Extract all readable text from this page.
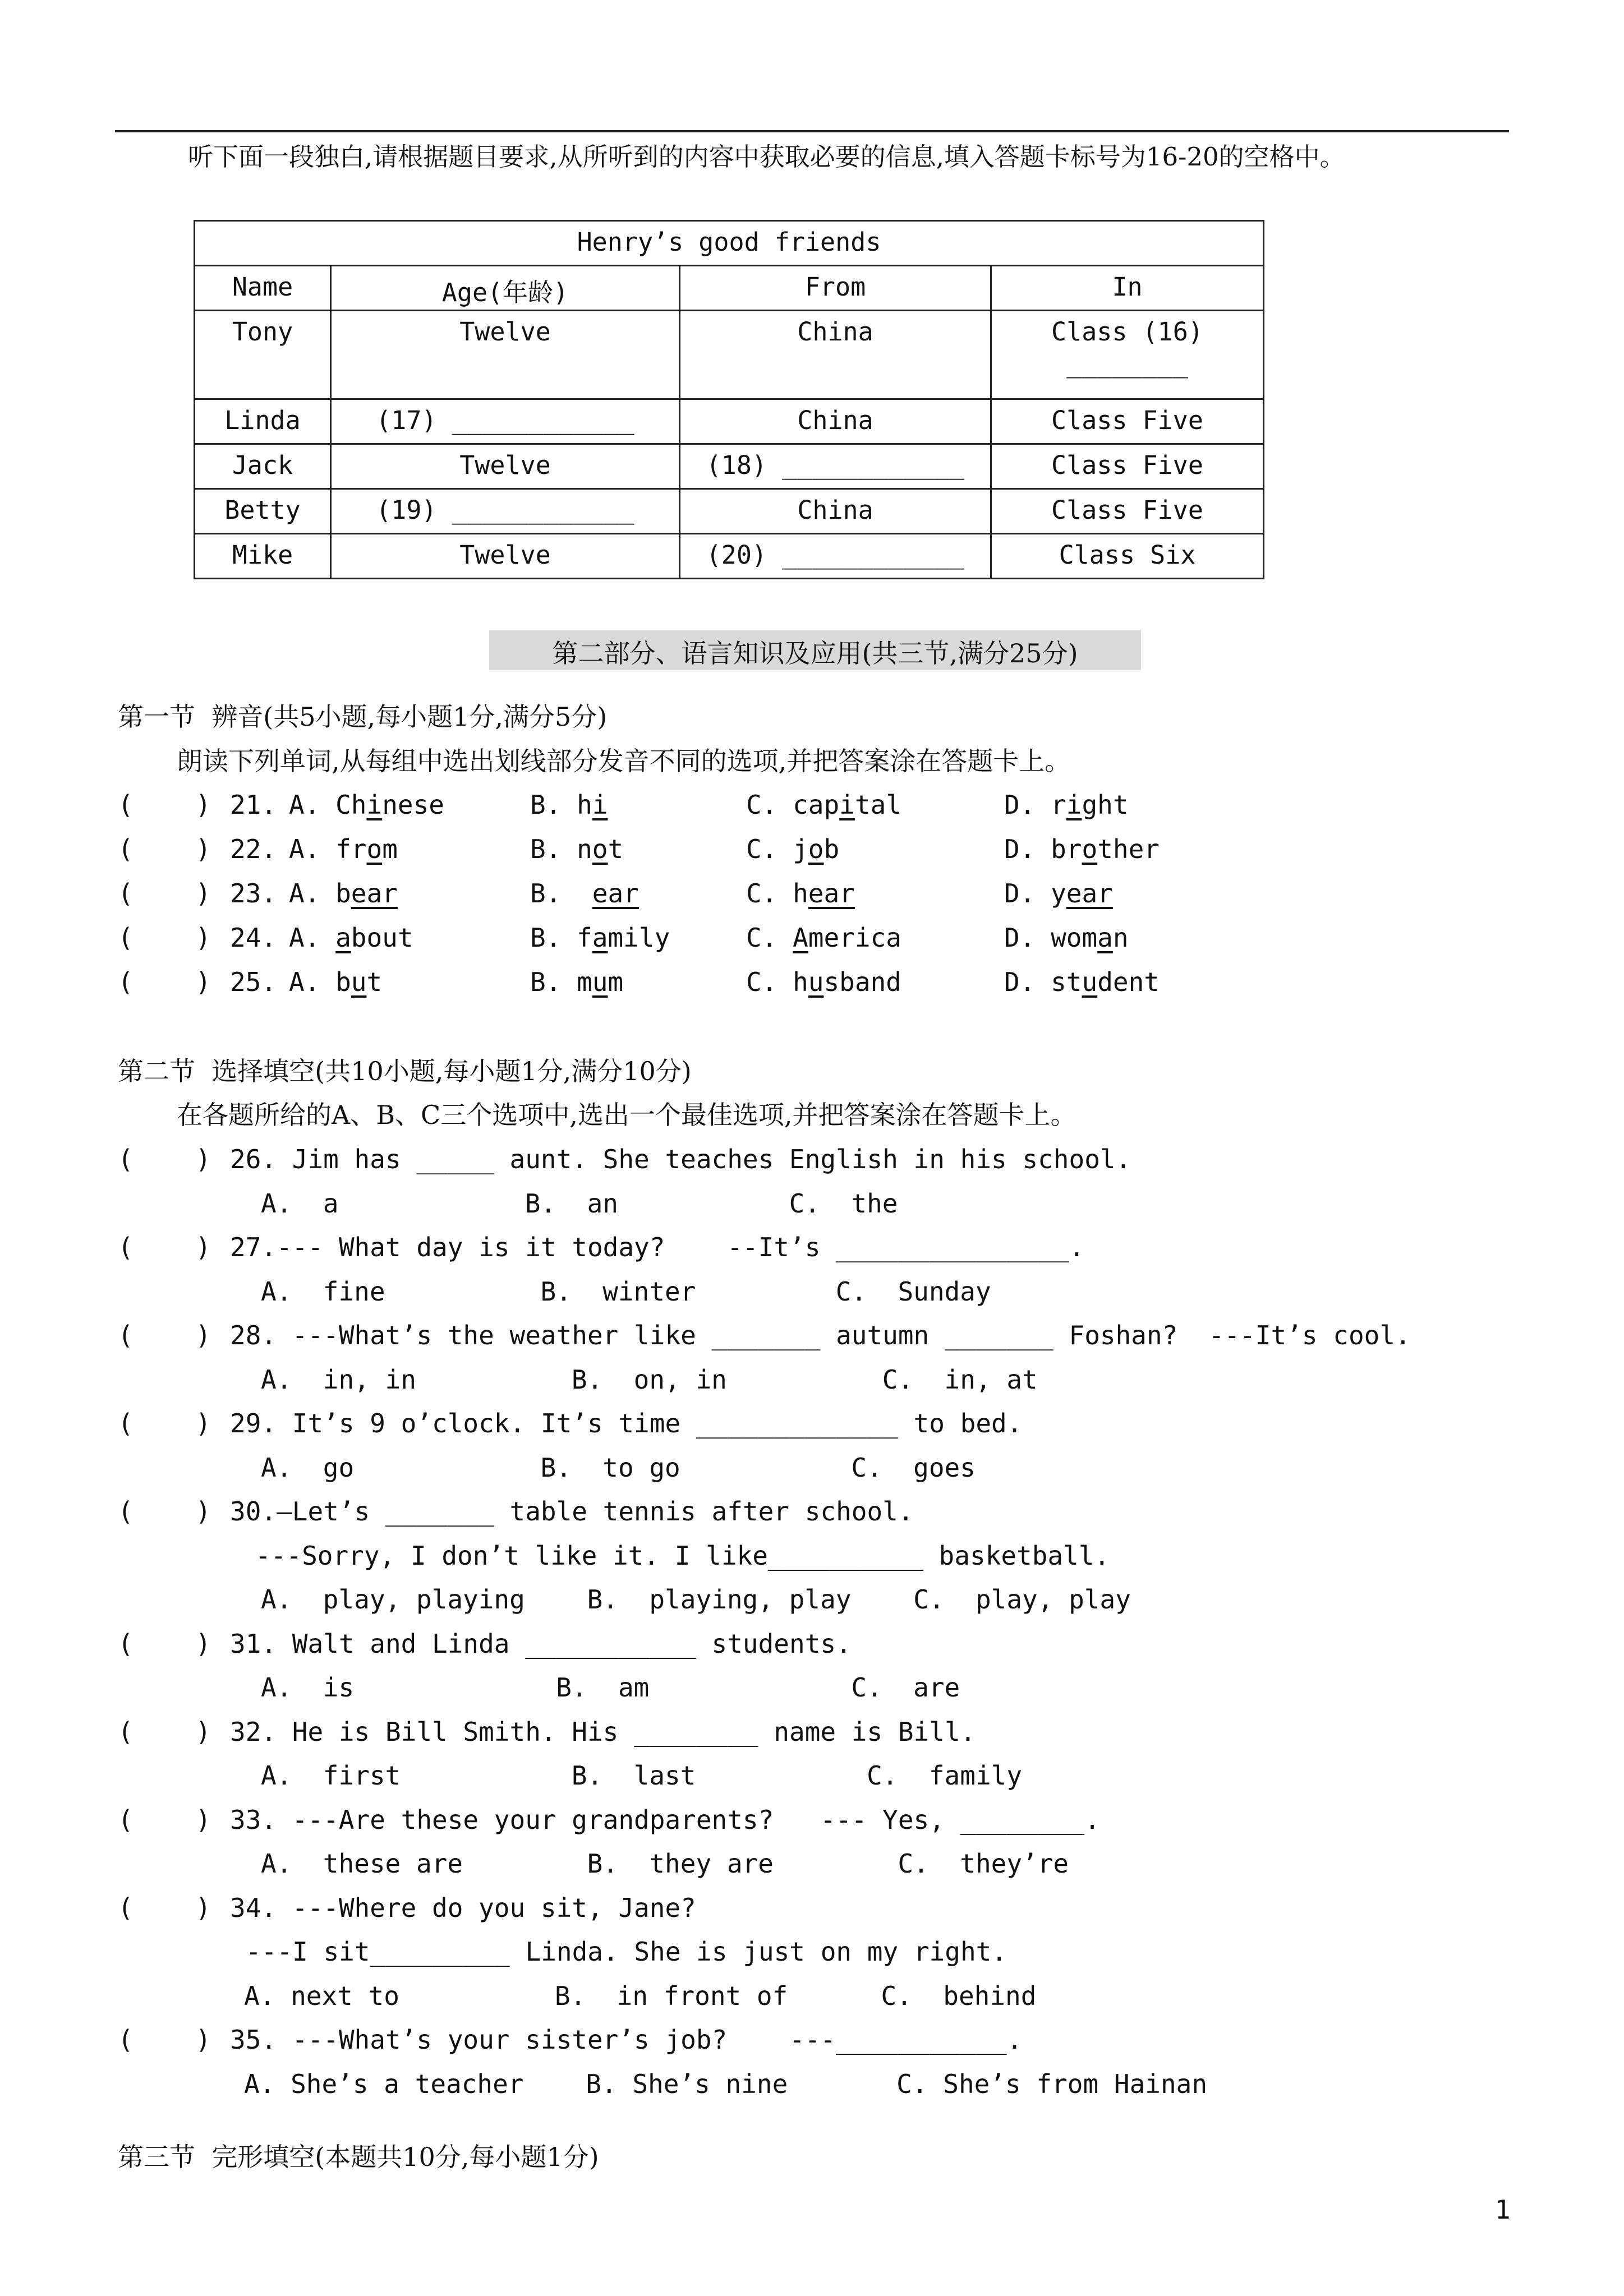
听下面一段独白,请根据题目要求,从所听到的内容中获取必要的信息,填入答题卡标号为16-20的空格中。
Henry’s good friends			
Name	Age(年龄)	From	In
Tony	Twelve	China	Class (16)
________

Linda	(17) ____________	China	Class Five
Jack	Twelve	(18) ____________	Class Five
Betty	(19) ____________	China	Class Five
Mike	Twelve	(20) ____________	Class Six
第二部分、语言知识及应用(共三节,满分25分)
第一节  辨音(共5小题,每小题1分,满分5分)
朗读下列单词,从每组中选出划线部分发音不同的选项,并把答案涂在答题卡上。
(    ) 21. A. Chinese	B. hi	C. capital	D. right
(    ) 22. A. from	B. not	C. job	D. brother
(    ) 23. A. bear	B.  ear	C. hear	D. year
(    ) 24. A. about	B. family	C. America	D. woman
(    ) 25. A. but	B. mum	C. husband	D. student
第二节  选择填空(共10小题,每小题1分,满分10分)
在各题所给的A、B、C三个选项中,选出一个最佳选项,并把答案涂在答题卡上。
(    ) 26. Jim has _____ aunt. She teaches English in his school.
A.  a            B.  an           C.  the
(    ) 27.--- What day is it today?    --It’s _______________.
A.  fine          B.  winter         C.  Sunday
(    ) 28. ---What’s the weather like _______ autumn _______ Foshan?  ---It’s cool.
A.  in, in          B.  on, in          C.  in, at
(    ) 29. It’s 9 o’clock. It’s time _____________ to bed.
A.  go            B.  to go           C.  goes
(    ) 30.—Let’s _______ table tennis after school.
---Sorry, I don’t like it. I like__________ basketball.
A.  play, playing    B.  playing, play    C.  play, play
(    ) 31. Walt and Linda ___________ students.
A.  is             B.  am             C.  are
(    ) 32. He is Bill Smith. His ________ name is Bill.
A.  first           B.  last           C.  family
(    ) 33. ---Are these your grandparents?   --- Yes, ________.
A.  these are        B.  they are        C.  they’re
(    ) 34. ---Where do you sit, Jane?
---I sit_________ Linda. She is just on my right.
A. next to          B.  in front of      C.  behind
(    ) 35. ---What’s your sister’s job?    ---___________.
A. She’s a teacher    B. She’s nine       C. She’s from Hainan
第三节  完形填空(本题共10分,每小题1分)
1
